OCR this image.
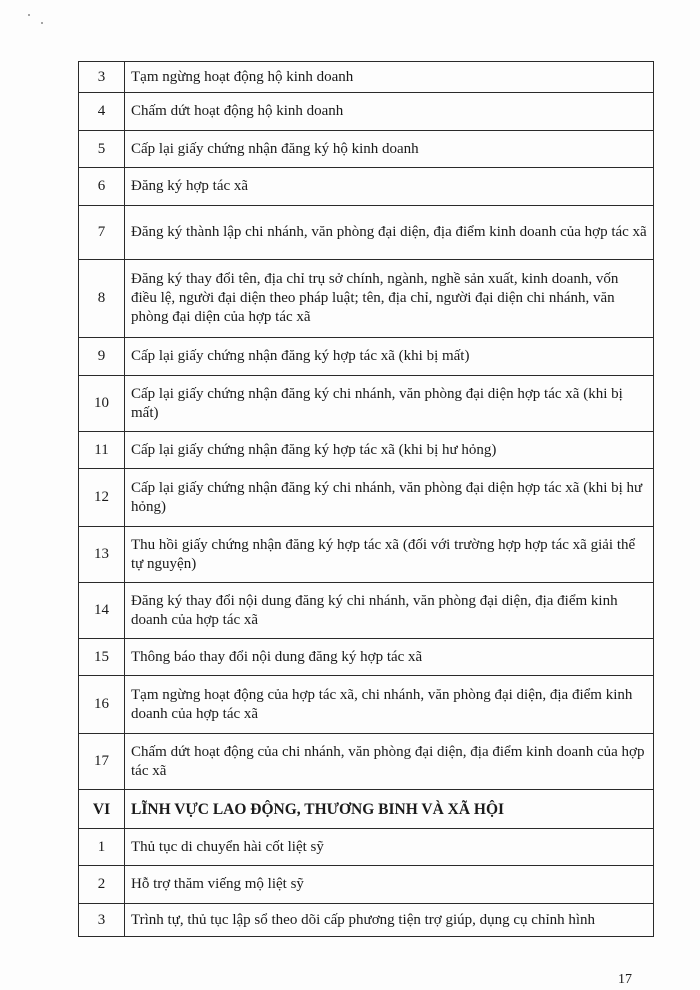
3	Tạm ngừng hoạt động hộ kinh doanh
4	Chấm dứt hoạt động hộ kinh doanh
5	Cấp lại giấy chứng nhận đăng ký hộ kinh doanh
6	Đăng ký hợp tác xã
7	Đăng ký thành lập chi nhánh, văn phòng đại diện, địa điểm kinh doanh của hợp tác xã
8	Đăng ký thay đổi tên, địa chỉ trụ sở chính, ngành, nghề sản xuất, kinh doanh, vốn điều lệ, người đại diện theo pháp luật; tên, địa chỉ, người đại diện chi nhánh, văn phòng đại diện của hợp tác xã
9	Cấp lại giấy chứng nhận đăng ký hợp tác xã (khi bị mất)
10	Cấp lại giấy chứng nhận đăng ký chi nhánh, văn phòng đại diện hợp tác xã (khi bị mất)
11	Cấp lại giấy chứng nhận đăng ký hợp tác xã (khi bị hư hỏng)
12	Cấp lại giấy chứng nhận đăng ký chi nhánh, văn phòng đại diện hợp tác xã (khi bị hư hỏng)
13	Thu hồi giấy chứng nhận đăng ký hợp tác xã (đối với trường hợp hợp tác xã giải thể tự nguyện)
14	Đăng ký thay đổi nội dung đăng ký chi nhánh, văn phòng đại diện, địa điểm kinh doanh của hợp tác xã
15	Thông báo thay đổi nội dung đăng ký hợp tác xã
16	Tạm ngừng hoạt động của hợp tác xã, chi nhánh, văn phòng đại diện, địa điểm kinh doanh của hợp tác xã
17	Chấm dứt hoạt động của chi nhánh, văn phòng đại diện, địa điểm kinh doanh của hợp tác xã
VI	LĨNH VỰC LAO ĐỘNG, THƯƠNG BINH VÀ XÃ HỘI
1	Thủ tục di chuyển hài cốt liệt sỹ
2	Hỗ trợ thăm viếng mộ liệt sỹ
3	Trình tự, thủ tục lập sổ theo dõi cấp phương tiện trợ giúp, dụng cụ chỉnh hình
17
